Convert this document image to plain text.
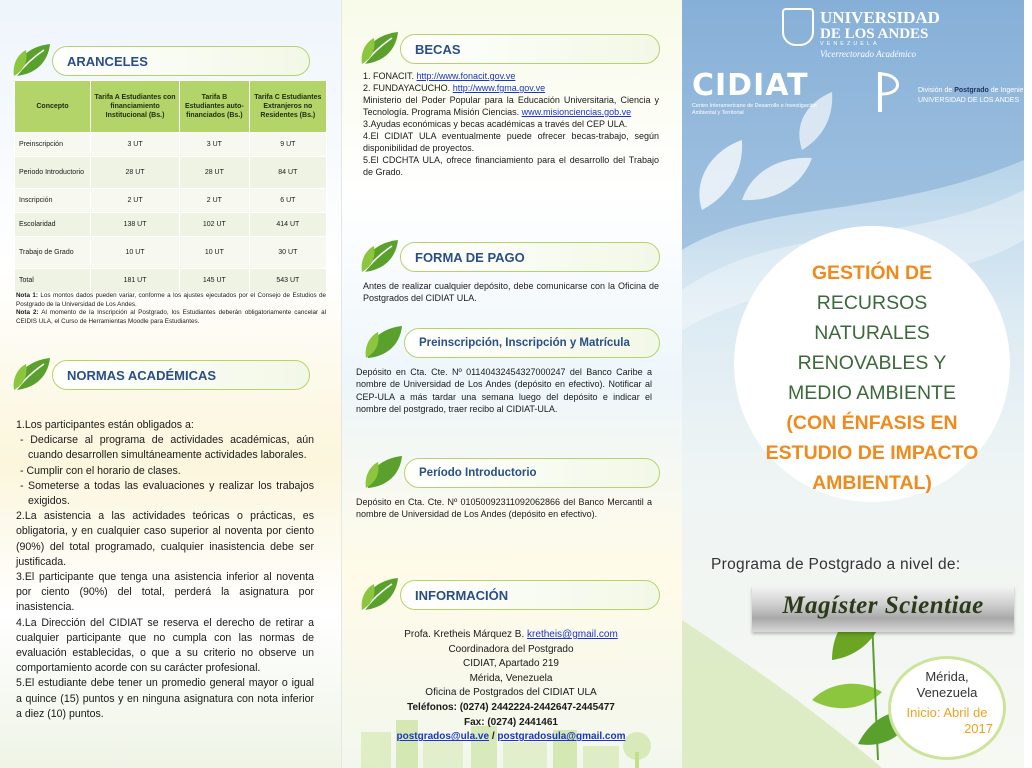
ARANCELES
Concepto	Tarifa A Estudiantes con financiamiento Institucional (Bs.)	Tarifa B Estudiantes auto-financiados (Bs.)	Tarifa C Estudiantes Extranjeros no Residentes (Bs.)
Preinscripción	3 UT	3 UT	9 UT
Periodo Introductorio	28 UT	28 UT	84 UT
Inscripción	2 UT	2 UT	6 UT
Escolaridad	138 UT	102 UT	414 UT
Trabajo de Grado	10 UT	10 UT	30 UT
Total	181 UT	145 UT	543 UT
Nota 1: Los montos dados pueden variar, conforme a los ajustes ejecutados por el Consejo de Estudios de Postgrado de la Universidad de Los Andes.
Nota 2: Al momento de la Inscripción al Postgrado, los Estudiantes deberán obligatoriamente cancelar al CEIDIS ULA, el Curso de Herramientas Moodle para Estudiantes.
NORMAS ACADÉMICAS
1.Los participantes están obligados a:
- Dedicarse al programa de actividades académicas, aún cuando desarrollen simultáneamente actividades laborales.
- Cumplir con el horario de clases.
- Someterse a todas las evaluaciones y realizar los trabajos exigidos.
2.La asistencia a las actividades teóricas o prácticas, es obligatoria, y en cualquier caso superior al noventa por ciento (90%) del total programado, cualquier inasistencia debe ser justificada.
3.El participante que tenga una asistencia inferior al noventa por ciento (90%) del total, perderá la asignatura por inasistencia.
4.La Dirección del CIDIAT se reserva el derecho de retirar a cualquier participante que no cumpla con las normas de evaluación establecidas, o que a su criterio no observe un comportamiento acorde con su carácter profesional.
5.El estudiante debe tener un promedio general mayor o igual a quince (15) puntos y en ninguna asignatura con nota inferior a diez (10) puntos.
BECAS
1. FONACIT. http://www.fonacit.gov.ve
2. FUNDAYACUCHO. http://www.fgma.gov.ve
Ministerio del Poder Popular para la Educación Universitaria, Ciencia y Tecnología. Programa Misión Ciencias. www.misionciencias.gob.ve
3.Ayudas económicas y becas académicas a través del CEP ULA.
4.El CIDIAT ULA eventualmente puede ofrecer becas-trabajo, según disponibilidad de proyectos.
5.El CDCHTA ULA, ofrece financiamiento para el desarrollo del Trabajo de Grado.
FORMA DE PAGO
Antes de realizar cualquier depósito, debe comunicarse con la Oficina de Postgrados del CIDIAT ULA.
Preinscripción, Inscripción y Matrícula
Depósito en Cta. Cte. Nº 01140432454327000247 del Banco Caribe a nombre de Universidad de Los Andes (depósito en efectivo). Notificar al CEP-ULA a más tardar una semana luego del depósito e indicar el nombre del postgrado, traer recibo al CIDIAT-ULA.
Período Introductorio
Depósito en Cta. Cte. Nº 01050092311092062866 del Banco Mercantil a nombre de Universidad de Los Andes (depósito en efectivo).
INFORMACIÓN
Profa. Kretheis Márquez B. kretheis@gmail.com
Coordinadora del Postgrado
CIDIAT, Apartado 219
Mérida, Venezuela
Oficina de Postgrados del CIDIAT ULA
Teléfonos: (0274) 2442224-2442647-2445477
Fax: (0274) 2441461
postgrados@ula.ve / postgradosula@gmail.com
UNIVERSIDAD
DE LOS ANDES
VENEZUELA
Vicerrectorado Académico
CIDIAT
Centro Interamericano de Desarrollo e Investigación Ambiental y Territorial
División de Postgrado de Ingeniería
UNIVERSIDAD DE LOS ANDES
GESTIÓN DE
RECURSOS
NATURALES
RENOVABLES Y
MEDIO AMBIENTE
(CON ÉNFASIS EN
ESTUDIO DE IMPACTO
AMBIENTAL)
Programa de Postgrado a nivel de:
Magíster Scientiae
Mérida,
Venezuela
Inicio: Abril de
2017
